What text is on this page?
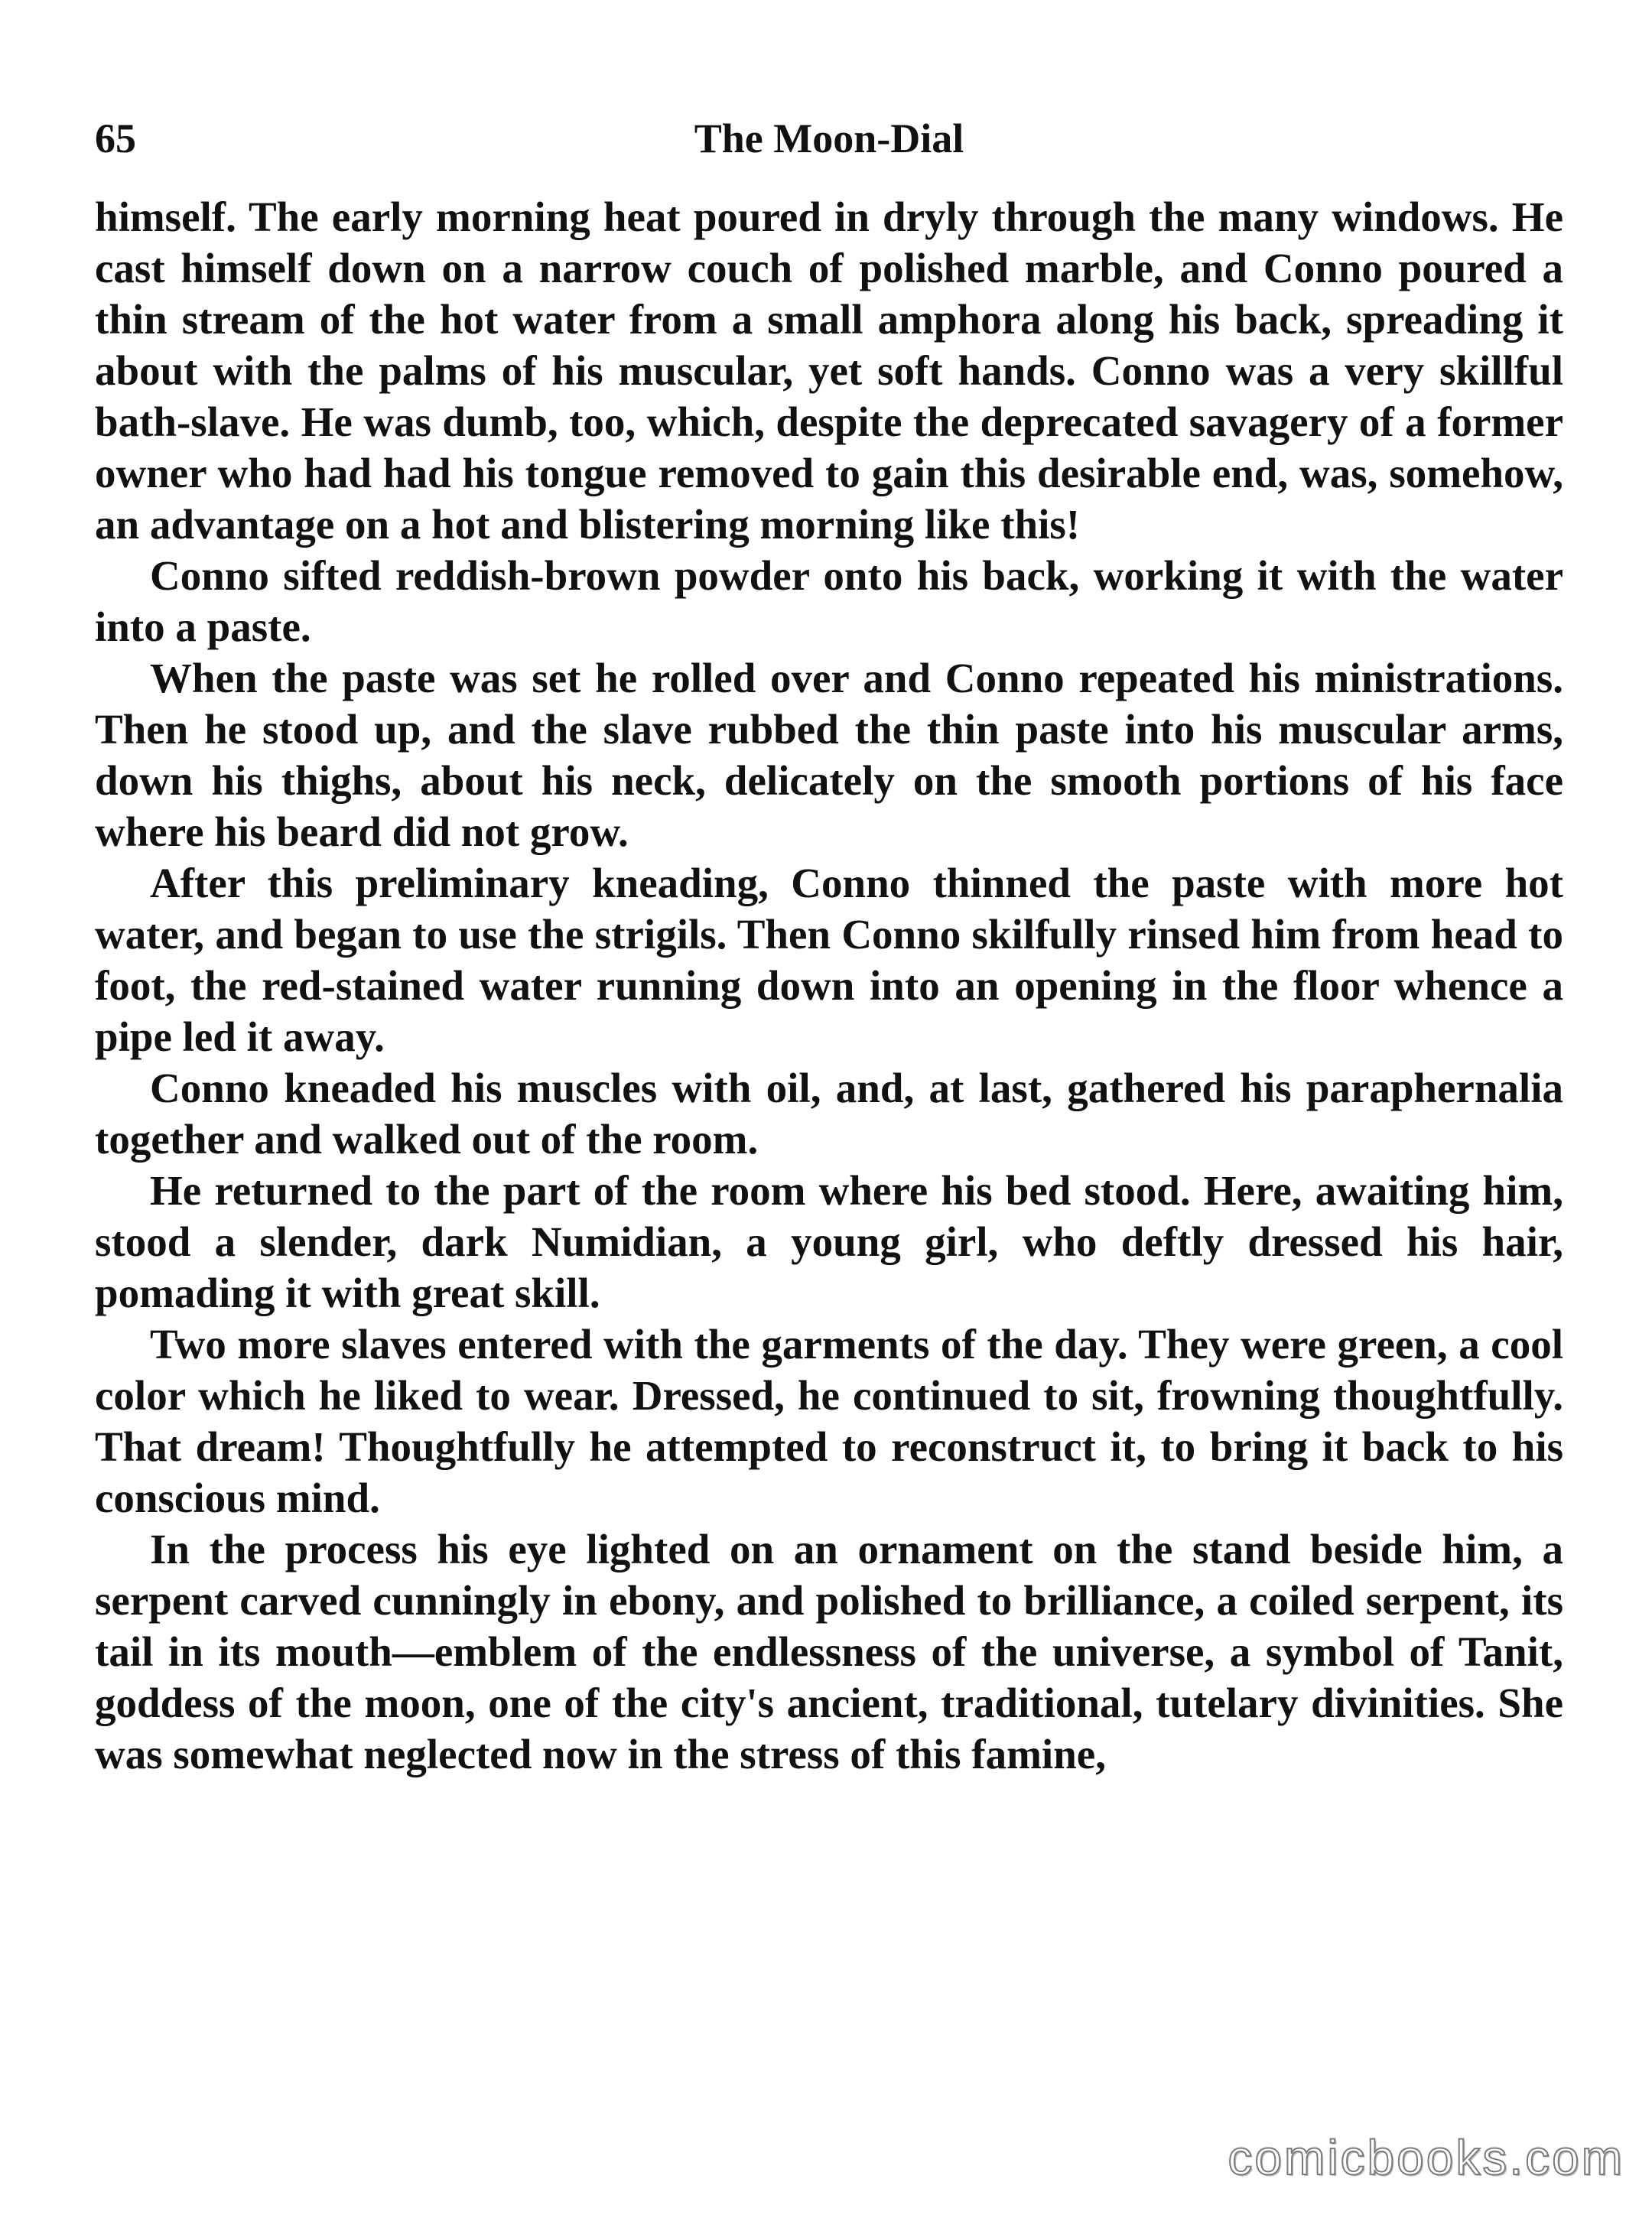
65	The Moon-Dial

himself. The early morning heat poured in dryly through the many windows. He cast himself down on a narrow couch of polished marble, and Conno poured a thin stream of the hot water from a small amphora along his back, spreading it about with the palms of his muscular, yet soft hands. Conno was a very skillful bath-slave. He was dumb, too, which, despite the deprecated savagery of a former owner who had had his tongue removed to gain this desirable end, was, somehow, an advantage on a hot and blistering morning like this!

Conno sifted reddish-brown powder onto his back, working it with the water into a paste.

When the paste was set he rolled over and Conno repeated his ministrations. Then he stood up, and the slave rubbed the thin paste into his muscular arms, down his thighs, about his neck, delicately on the smooth portions of his face where his beard did not grow.

After this preliminary kneading, Conno thinned the paste with more hot water, and began to use the strigils. Then Conno skilfully rinsed him from head to foot, the red-stained water running down into an opening in the floor whence a pipe led it away.

Conno kneaded his muscles with oil, and, at last, gathered his paraphernalia together and walked out of the room.

He returned to the part of the room where his bed stood. Here, awaiting him, stood a slender, dark Numidian, a young girl, who deftly dressed his hair, pomading it with great skill.

Two more slaves entered with the garments of the day. They were green, a cool color which he liked to wear. Dressed, he continued to sit, frowning thoughtfully. That dream! Thoughtfully he attempted to reconstruct it, to bring it back to his conscious mind.

In the process his eye lighted on an ornament on the stand beside him, a serpent carved cunningly in ebony, and polished to brilliance, a coiled serpent, its tail in its mouth—emblem of the endlessness of the universe, a symbol of Tanit, goddess of the moon, one of the city's ancient, traditional, tutelary divinities. She was somewhat neglected now in the stress of this famine,

comicbooks.com
